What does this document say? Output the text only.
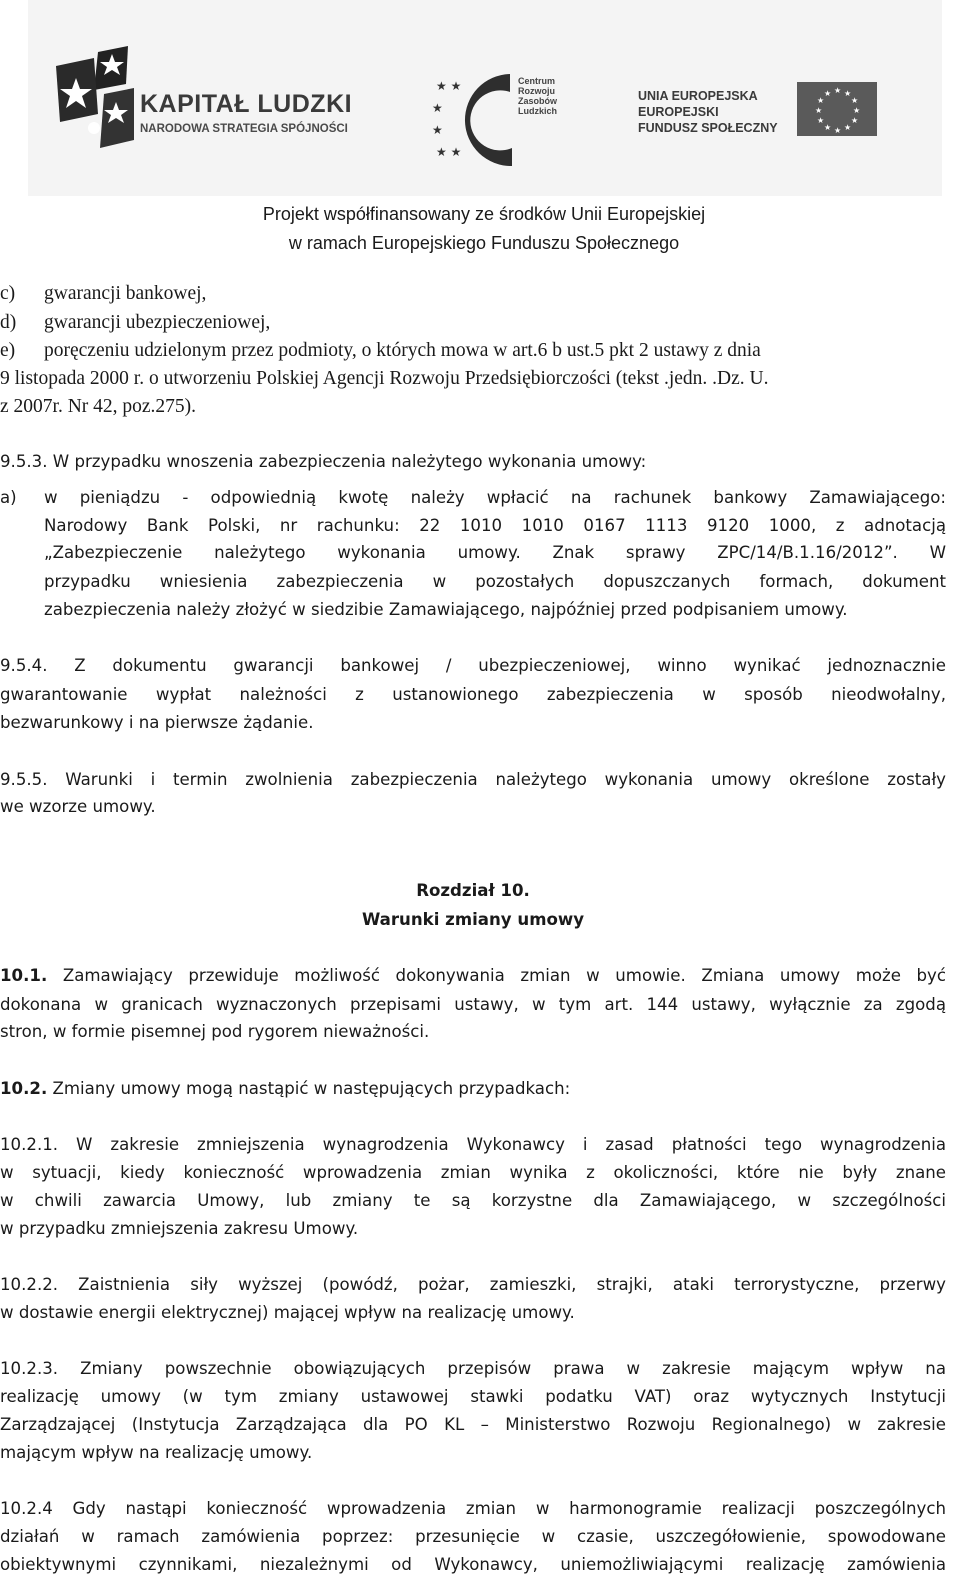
KAPITAŁ LUDZKI
NARODOWA STRATEGIA SPÓJNOŚCI
★ ★
★
★
★ ★
Centrum
Rozwoju
Zasobów
Ludzkich
UNIA EUROPEJSKA
EUROPEJSKI
FUNDUSZ SPOŁECZNY
★ ★
★
★
★
★
★
★
★
★
★
★
Projekt współfinansowany ze środków Unii Europejskiej
w ramach Europejskiego Funduszu Społecznego
c) gwarancji bankowej,
d) gwarancji ubezpieczeniowej,
e) poręczeniu udzielonym przez podmioty, o których mowa w art.6 b ust.5 pkt 2 ustawy z dnia
9 listopada 2000 r. o utworzeniu Polskiej Agencji Rozwoju Przedsiębiorczości (tekst .jedn. .Dz. U.
z 2007r. Nr 42, poz.275).
9.5.3. W przypadku wnoszenia zabezpieczenia należytego wykonania umowy:
a) w pieniądzu - odpowiednią kwotę należy wpłacić na rachunek bankowy Zamawiającego:
Narodowy Bank Polski, nr rachunku: 22 1010 1010 0167 1113 9120 1000, z adnotacją
„Zabezpieczenie należytego wykonania umowy. Znak sprawy ZPC/14/B.1.16/2012”. W
przypadku wniesienia zabezpieczenia w pozostałych dopuszczanych formach, dokument
zabezpieczenia należy złożyć w siedzibie Zamawiającego, najpóźniej przed podpisaniem umowy.
9.5.4. Z dokumentu gwarancji bankowej / ubezpieczeniowej, winno wynikać jednoznacznie
gwarantowanie wypłat należności z ustanowionego zabezpieczenia w sposób nieodwołalny,
bezwarunkowy i na pierwsze żądanie.
9.5.5. Warunki i termin zwolnienia zabezpieczenia należytego wykonania umowy określone zostały
we wzorze umowy.
Rozdział 10.
Warunki zmiany umowy
10.1. Zamawiający przewiduje możliwość dokonywania zmian w umowie. Zmiana umowy może być
dokonana w granicach wyznaczonych przepisami ustawy, w tym art. 144 ustawy, wyłącznie za zgodą
stron, w formie pisemnej pod rygorem nieważności.
10.2. Zmiany umowy mogą nastąpić w następujących przypadkach:
10.2.1. W zakresie zmniejszenia wynagrodzenia Wykonawcy i zasad płatności tego wynagrodzenia
w sytuacji, kiedy konieczność wprowadzenia zmian wynika z okoliczności, które nie były znane
w chwili zawarcia Umowy, lub zmiany te są korzystne dla Zamawiającego, w szczególności
w przypadku zmniejszenia zakresu Umowy.
10.2.2. Zaistnienia siły wyższej (powódź, pożar, zamieszki, strajki, ataki terrorystyczne, przerwy
w dostawie energii elektrycznej) mającej wpływ na realizację umowy.
10.2.3. Zmiany powszechnie obowiązujących przepisów prawa w zakresie mającym wpływ na
realizację umowy (w tym zmiany ustawowej stawki podatku VAT) oraz wytycznych Instytucji
Zarządzającej (Instytucja Zarządzająca dla PO KL – Ministerstwo Rozwoju Regionalnego) w zakresie
mającym wpływ na realizację umowy.
10.2.4 Gdy nastąpi konieczność wprowadzenia zmian w harmonogramie realizacji poszczególnych
działań w ramach zamówienia poprzez: przesunięcie w czasie, uszczegółowienie, spowodowane
obiektywnymi czynnikami, niezależnymi od Wykonawcy, uniemożliwiającymi realizację zamówienia
